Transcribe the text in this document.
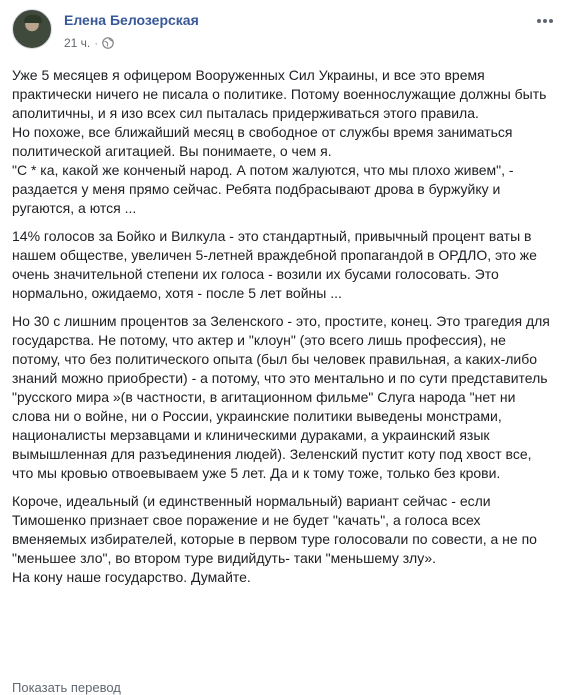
Елена Белозерская
21 ч. ·

Уже 5 месяцев я офицером Вооруженных Сил Украины, и все это время практически ничего не писала о политике. Потому военнослужащие должны быть аполитичны, и я изо всех сил пыталась придерживаться этого правила.
Но похоже, все ближайший месяц в свободное от службы время заниматься политической агитацией. Вы понимаете, о чем я.
"С * ка, какой же конченый народ. А потом жалуются, что мы плохо живем", - раздается у меня прямо сейчас. Ребята подбрасывают дрова в буржуйку и ругаются, а ются ...

14% голосов за Бойко и Вилкула - это стандартный, привычный процент ваты в нашем обществе, увеличен 5-летней враждебной пропагандой в ОРДЛО, это же очень значительной степени их голоса - возили их бусами голосовать. Это нормально, ожидаемо, хотя - после 5 лет войны ...

Но 30 с лишним процентов за Зеленского - это, простите, конец. Это трагедия для государства. Не потому, что актер и "клоун" (это всего лишь профессия), не потому, что без политического опыта (был бы человек правильная, а каких-либо знаний можно приобрести) - а потому, что это ментально и по сути представитель "русского мира »(в частности, в агитационном фильме" Слуга народа "нет ни слова ни о войне, ни о России, украинские политики выведены монстрами, националисты мерзавцами и клиническими дураками, а украинский язык вымышленная для разъединения людей). Зеленский пустит коту под хвост все, что мы кровью отвоевываем уже 5 лет. Да и к тому тоже, только без крови.

Короче, идеальный (и единственный нормальный) вариант сейчас - если Тимошенко признает свое поражение и не будет "качать", а голоса всех вменяемых избирателей, которые в первом туре голосовали по совести, а не по "меньшее зло", во втором туре видийдуть- таки "меньшему злу».
На кону наше государство. Думайте.

Показать перевод
